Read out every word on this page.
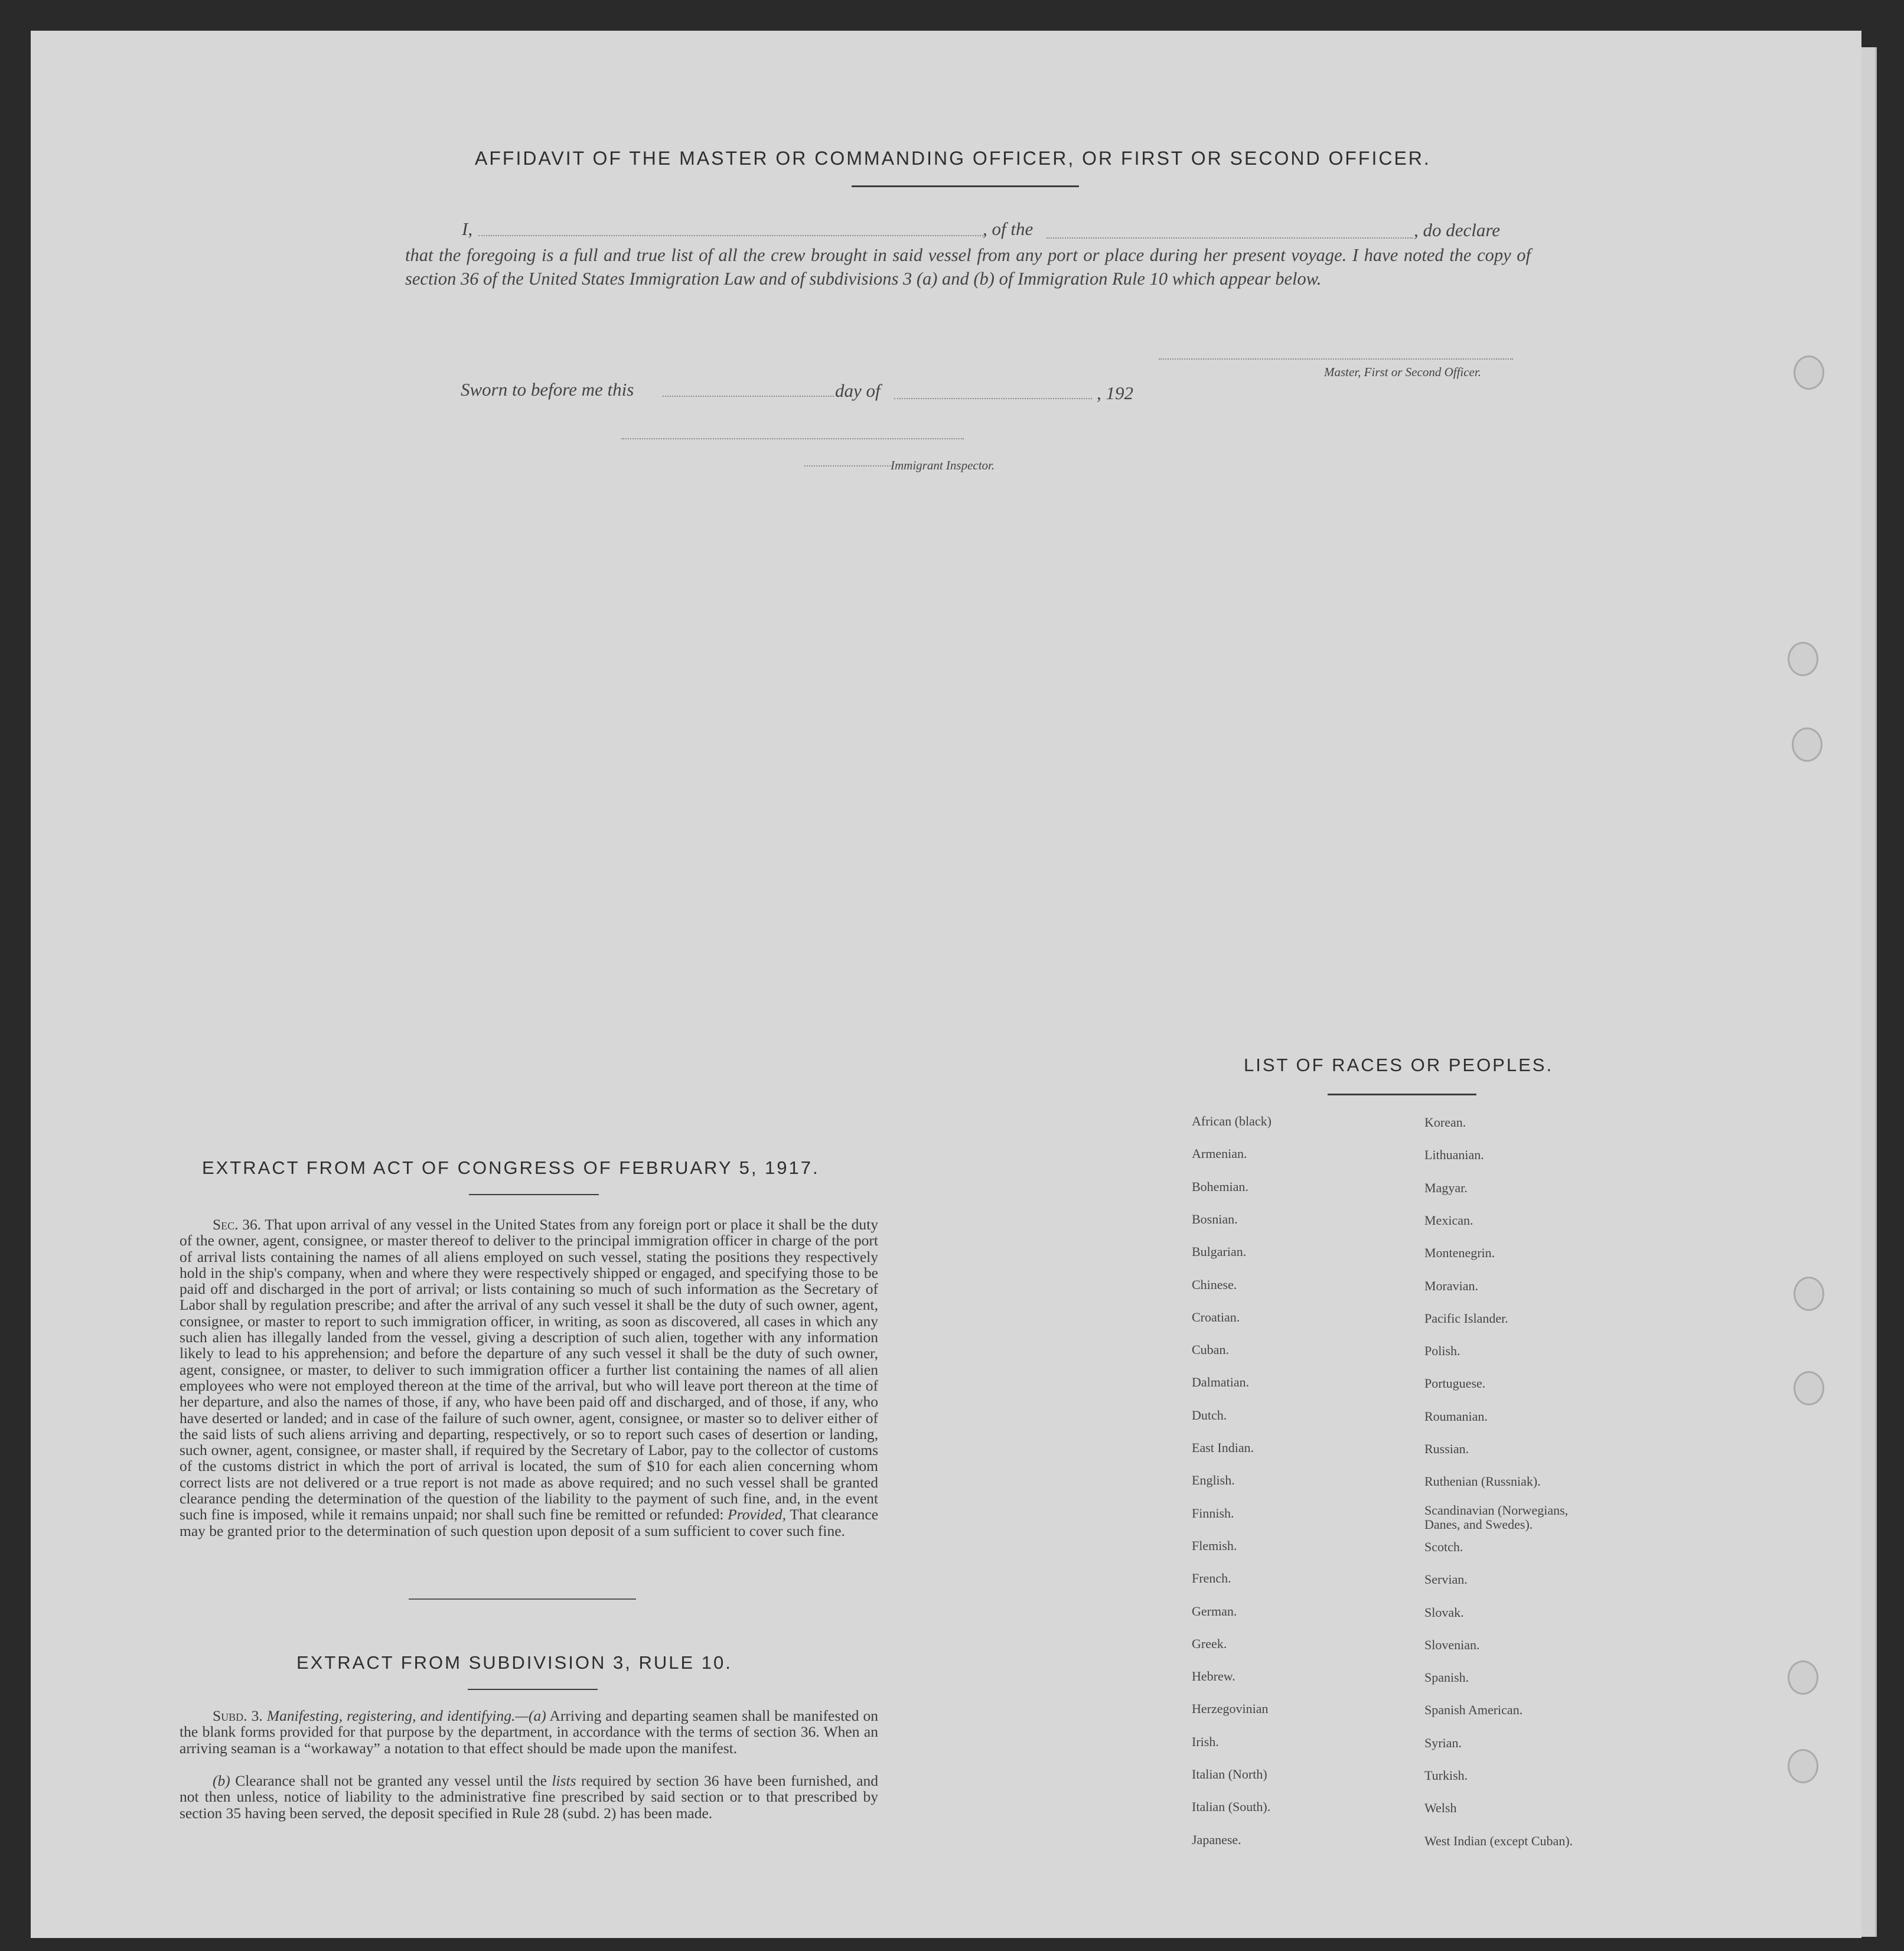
AFFIDAVIT OF THE MASTER OR COMMANDING OFFICER, OR FIRST OR SECOND OFFICER.
I,	, of the	, do declare
that the foregoing is a full and true list of all the crew brought in said vessel from any port or place during her present voyage. I have noted the copy of section 36 of the United States Immigration Law and of subdivisions 3 (a) and (b) of Immigration Rule 10 which appear below.
Master, First or Second Officer.
Sworn to before me this	day of	, 192
Immigrant Inspector.
LIST OF RACES OR PEOPLES.
African (black)
Armenian.
Bohemian.
Bosnian.
Bulgarian.
Chinese.
Croatian.
Cuban.
Dalmatian.
Dutch.
East Indian.
English.
Finnish.
Flemish.
French.
German.
Greek.
Hebrew.
Herzegovinian
Irish.
Italian (North)
Italian (South).
Japanese.
Korean.
Lithuanian.
Magyar.
Mexican.
Montenegrin.
Moravian.
Pacific Islander.
Polish.
Portuguese.
Roumanian.
Russian.
Ruthenian (Russniak).
Scandinavian (Norwegians, Danes, and Swedes).
Scotch.
Servian.
Slovak.
Slovenian.
Spanish.
Spanish American.
Syrian.
Turkish.
Welsh
West Indian (except Cuban).
EXTRACT FROM ACT OF CONGRESS OF FEBRUARY 5, 1917.
Sec. 36. That upon arrival of any vessel in the United States from any foreign port or place it shall be the duty of the owner, agent, consignee, or master thereof to deliver to the principal immigration officer in charge of the port of arrival lists containing the names of all aliens employed on such vessel, stating the positions they respectively hold in the ship's company, when and where they were respectively shipped or engaged, and specifying those to be paid off and discharged in the port of arrival; or lists containing so much of such information as the Secretary of Labor shall by regulation prescribe; and after the arrival of any such vessel it shall be the duty of such owner, agent, consignee, or master to report to such immigration officer, in writing, as soon as discovered, all cases in which any such alien has illegally landed from the vessel, giving a description of such alien, together with any information likely to lead to his apprehension; and before the departure of any such vessel it shall be the duty of such owner, agent, consignee, or master, to deliver to such immigration officer a further list containing the names of all alien employees who were not employed thereon at the time of the arrival, but who will leave port thereon at the time of her departure, and also the names of those, if any, who have been paid off and discharged, and of those, if any, who have deserted or landed; and in case of the failure of such owner, agent, consignee, or master so to deliver either of the said lists of such aliens arriving and departing, respectively, or so to report such cases of desertion or landing, such owner, agent, consignee, or master shall, if required by the Secretary of Labor, pay to the collector of customs of the customs district in which the port of arrival is located, the sum of $10 for each alien concerning whom correct lists are not delivered or a true report is not made as above required; and no such vessel shall be granted clearance pending the determination of the question of the liability to the payment of such fine, and, in the event such fine is imposed, while it remains unpaid; nor shall such fine be remitted or refunded: Provided, That clearance may be granted prior to the determination of such question upon deposit of a sum sufficient to cover such fine.
EXTRACT FROM SUBDIVISION 3, RULE 10.
Subd. 3. Manifesting, registering, and identifying.—(a) Arriving and departing seamen shall be manifested on the blank forms provided for that purpose by the department, in accordance with the terms of section 36. When an arriving seaman is a “workaway” a notation to that effect should be made upon the manifest.
(b) Clearance shall not be granted any vessel until the lists required by section 36 have been furnished, and not then unless, notice of liability to the administrative fine prescribed by said section or to that prescribed by section 35 having been served, the deposit specified in Rule 28 (subd. 2) has been made.
